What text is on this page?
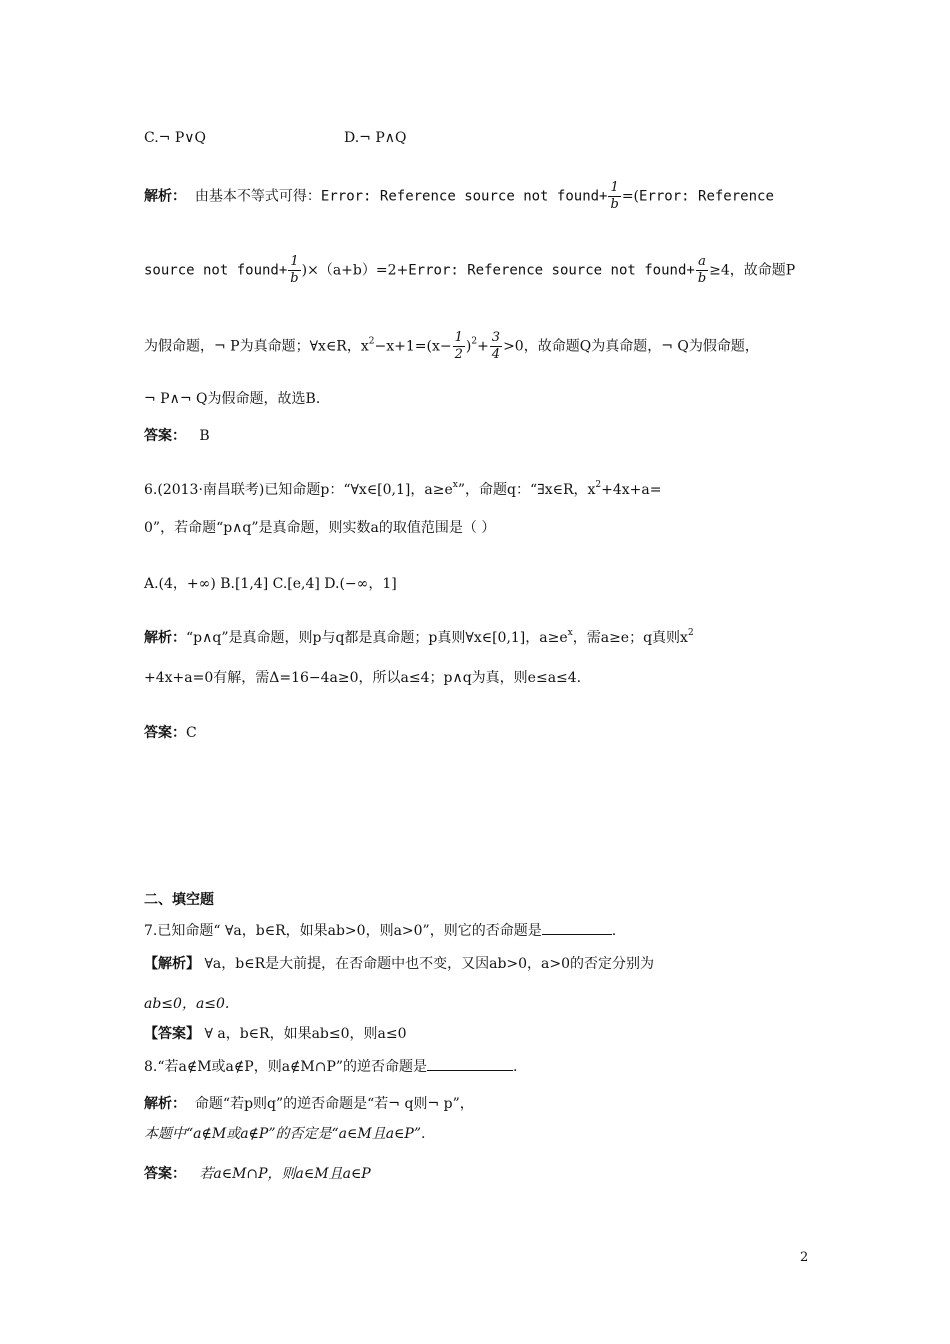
C.¬ P∨Q	D.¬ P∧Q
解析： 由基本不等式可得：Error: Reference source not found+ $\frac{1}{b}$ =(Error: Reference
source not found+ $\frac{1}{b}$ )×（a+b）=2+Error: Reference source not found+ $\frac{a}{b} \ge 4$，故命题P
为假命题，¬ P为真命题；∀x∈R，$x^2-x+1=(x- \frac{1}{2} )^2+ \frac{3}{4} >0$，故命题Q为真命题，¬ Q为假命题，
¬ P∧¬ Q为假命题，故选B.
答案： B
6.(2013·南昌联考)已知命题p：“∀x∈[0,1]，$a\ge e^x$”，命题q：“∃x∈R，$x^2+4x+a=$
0”，若命题“p∧q”是真命题，则实数a的取值范围是（ ）
A.(4，+∞) B.[1,4] C.[e,4] D.(−∞，1]
解析：“p∧q”是真命题，则p与q都是真命题；p真则∀x∈[0,1]，$a\ge e^x$，需a≥e；q真则$x^2$
+4x+a=0有解，需Δ=16−4a≥0，所以a≤4；p∧q为真，则e≤a≤4.
答案：C
二、填空题
7.已知命题“ ∀a，b∈R，如果ab>0，则a>0”，则它的否命题是	.
【解析】 ∀a，b∈R是大前提，在否命题中也不变，又因ab>0，a>0的否定分别为
ab≤0，a≤0.
【答案】 ∀ a，b∈R，如果ab≤0，则a≤0
8.“若a∉M或a∉P，则a∉M∩P”的逆否命题是	.
解析： 命题“若p则q”的逆否命题是“若¬ q则¬ p”，
本题中“a∉M或a∉P”的否定是“a∈M且a∈P”.
答案： 若a∈M∩P，则a∈M且a∈P
2
